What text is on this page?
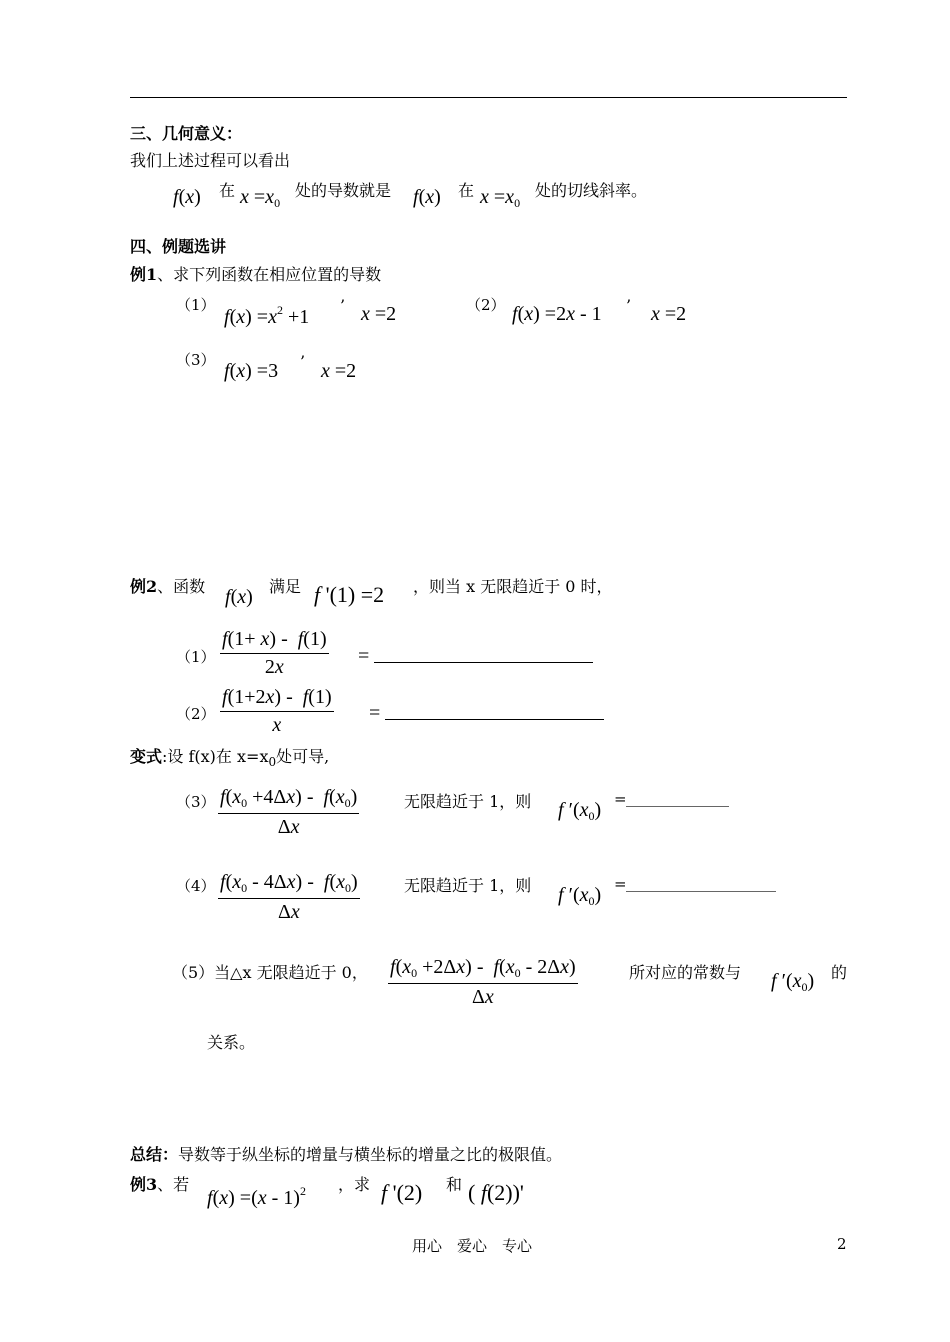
三、几何意义：
我们上述过程可以看出
f(x) 在 $x =x_0$
处的导数就是 f(x) 在 $x =x_0$
处的切线斜率。
四、例题选讲
例1、求下列函数在相应位置的导数
（1）
$f(x) =x^2 +1$
’ x =2	（2） f(x) =2x - 1 ’ x =2
（3） f(x) =3 ’ x =2
例2、函数 f(x) 满足 f '(1) =2 ，则当 x 无限趋近于 0 时，
$(1) \frac{f(1+ x) - f(1)}{2x}$ =
$(2) \frac{f(1+2x) - f(1)}{x}$ =
变式:设 f(x)在 $x=x_0$处可导,
$(3) \frac{f(x_0 +4\Delta x) - f(x_0)}{\Delta x}$	无限趋近于 1，则 f $'(x_0)$ =
$(4) \frac{f(x_0 - 4\Delta x) - f(x_0)}{\Delta x}$	无限趋近于 1，则 f $'(x_0)$ =
（5）当△x 无限趋近于 0， $\frac{f(x_0 +2\Delta x) - f(x_0 - 2\Delta x)}{\Delta x}$	所对应的常数与 f $'(x_0)$ 的
关系。
总结：导数等于纵坐标的增量与横坐标的增量之比的极限值。
例3、若
f(x) =(x - 1)$^2$ ，求 f '(2) 和 ( f(2))'
用心　爱心　专心	2
